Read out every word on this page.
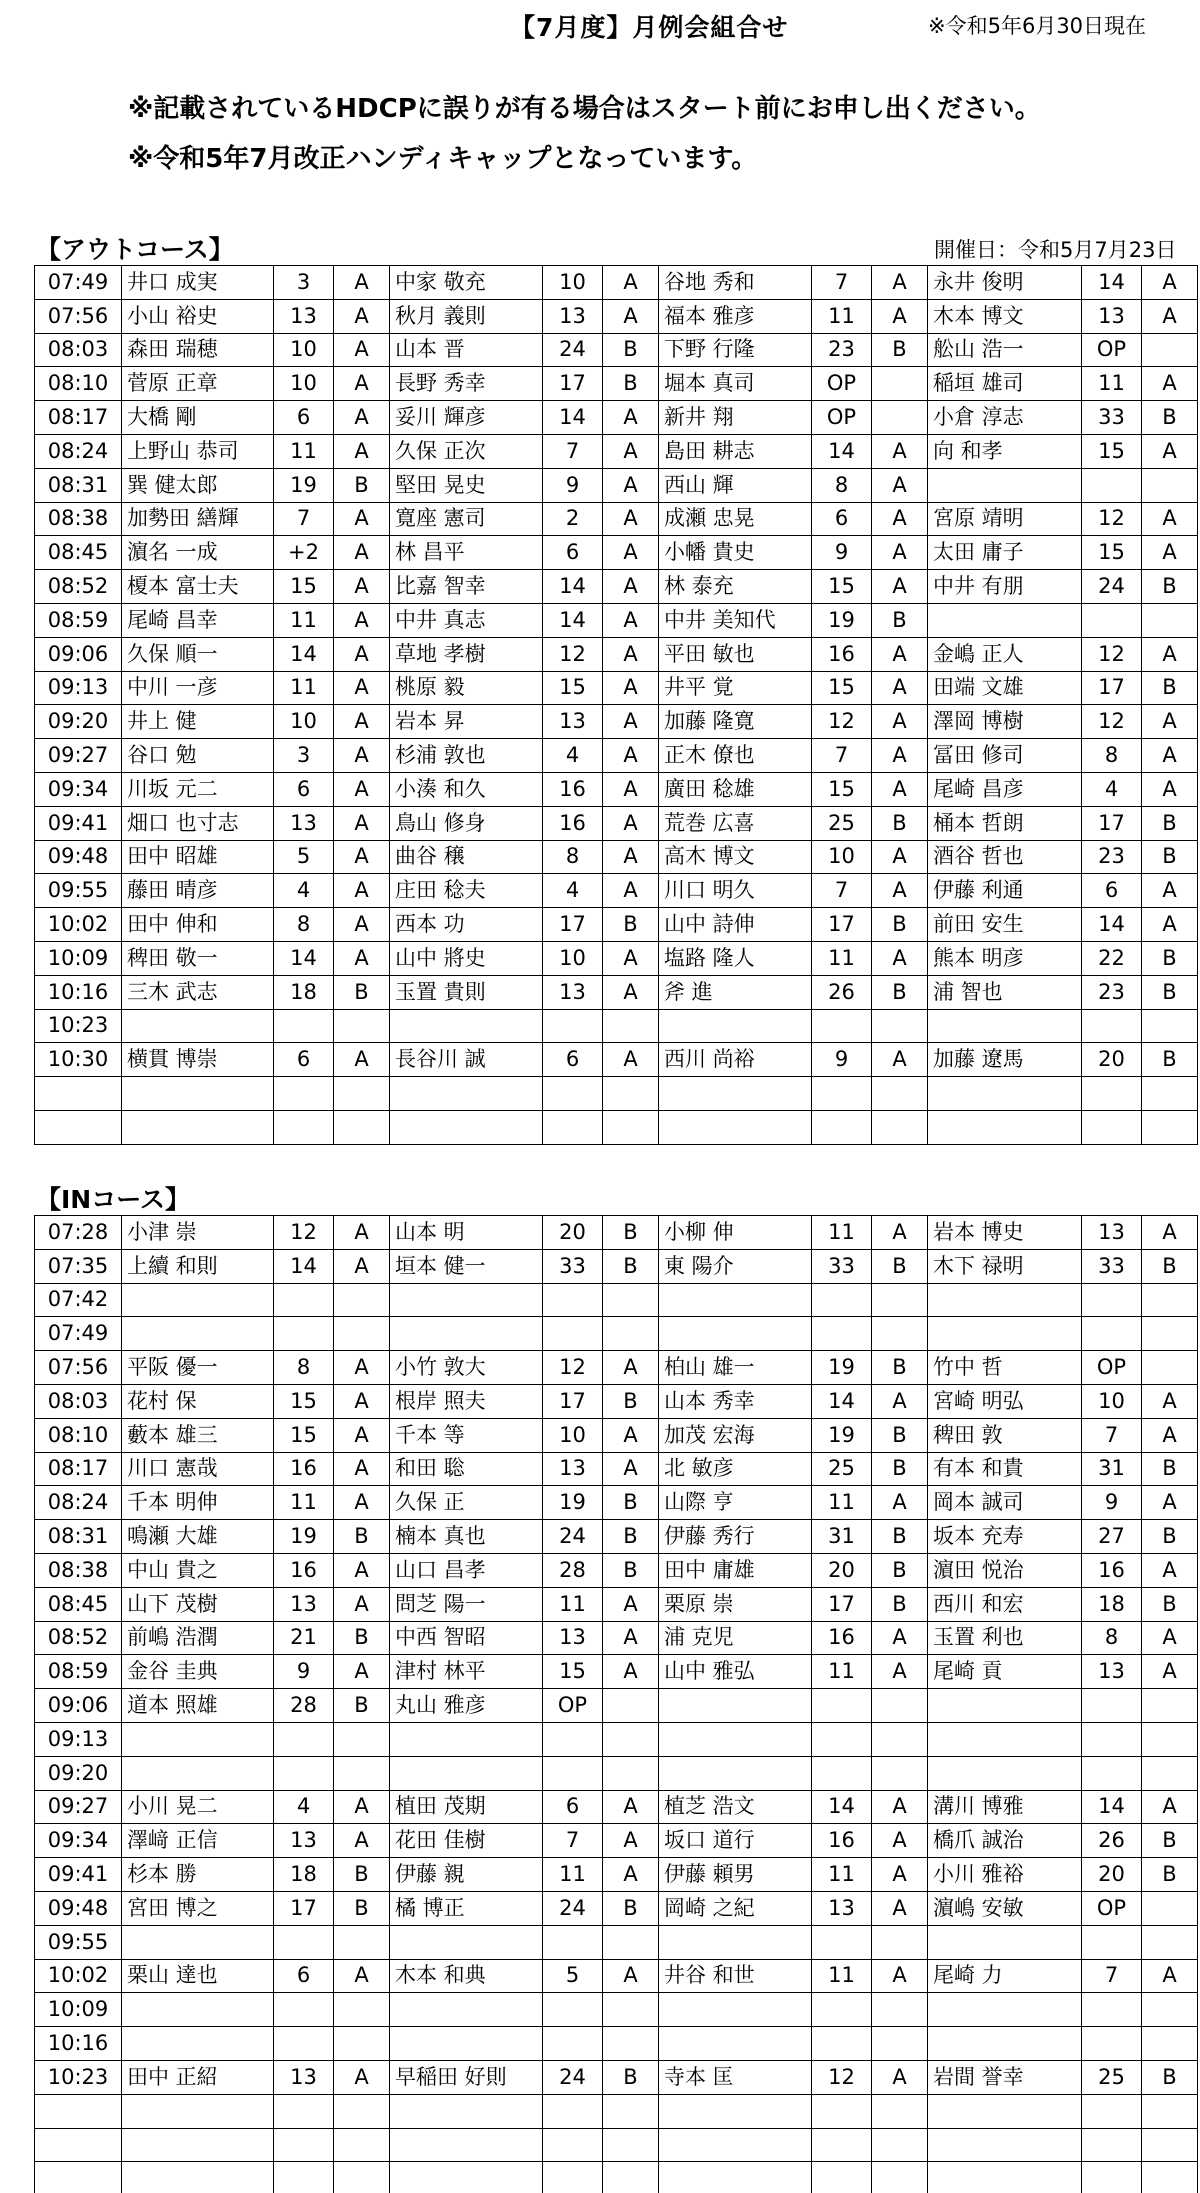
【7月度】月例会組合せ	※令和5年6月30日現在
※記載されているHDCPに誤りが有る場合はスタート前にお申し出ください。
※令和5年7月改正ハンディキャップとなっています。
【アウトコース】	開催日：令和5月7月23日
07:49	井口 成実	3	A	中家 敬充	10	A	谷地 秀和	7	A	永井 俊明	14	A
07:56	小山 裕史	13	A	秋月 義則	13	A	福本 雅彦	11	A	木本 博文	13	A
08:03	森田 瑞穂	10	A	山本 晋	24	B	下野 行隆	23	B	舩山 浩一	OP	
08:10	菅原 正章	10	A	長野 秀幸	17	B	堀本 真司	OP		稲垣 雄司	11	A
08:17	大橋 剛	6	A	妥川 輝彦	14	A	新井 翔	OP		小倉 淳志	33	B
08:24	上野山 恭司	11	A	久保 正次	7	A	島田 耕志	14	A	向 和孝	15	A
08:31	巽 健太郎	19	B	堅田 晃史	9	A	西山 輝	8	A			
08:38	加勢田 繕輝	7	A	寛座 憲司	2	A	成瀬 忠晃	6	A	宮原 靖明	12	A
08:45	濵名 一成	+2	A	林 昌平	6	A	小幡 貴史	9	A	太田 庸子	15	A
08:52	榎本 富士夫	15	A	比嘉 智幸	14	A	林 泰充	15	A	中井 有朋	24	B
08:59	尾崎 昌幸	11	A	中井 真志	14	A	中井 美知代	19	B			
09:06	久保 順一	14	A	草地 孝樹	12	A	平田 敏也	16	A	金嶋 正人	12	A
09:13	中川 一彦	11	A	桃原 毅	15	A	井平 覚	15	A	田端 文雄	17	B
09:20	井上 健	10	A	岩本 昇	13	A	加藤 隆寛	12	A	澤岡 博樹	12	A
09:27	谷口 勉	3	A	杉浦 敦也	4	A	正木 僚也	7	A	冨田 修司	8	A
09:34	川坂 元二	6	A	小湊 和久	16	A	廣田 稔雄	15	A	尾崎 昌彦	4	A
09:41	畑口 也寸志	13	A	鳥山 修身	16	A	荒巻 広喜	25	B	桶本 哲朗	17	B
09:48	田中 昭雄	5	A	曲谷 穣	8	A	高木 博文	10	A	酒谷 哲也	23	B
09:55	藤田 晴彦	4	A	庄田 稔夫	4	A	川口 明久	7	A	伊藤 利通	6	A
10:02	田中 伸和	8	A	西本 功	17	B	山中 詩伸	17	B	前田 安生	14	A
10:09	稗田 敬一	14	A	山中 將史	10	A	塩路 隆人	11	A	熊本 明彦	22	B
10:16	三木 武志	18	B	玉置 貴則	13	A	斧 進	26	B	浦 智也	23	B
10:23												
10:30	横貫 博崇	6	A	長谷川 誠	6	A	西川 尚裕	9	A	加藤 遼馬	20	B

【INコース】
07:28	小津 崇	12	A	山本 明	20	B	小柳 伸	11	A	岩本 博史	13	A
07:35	上續 和則	14	A	垣本 健一	33	B	東 陽介	33	B	木下 禄明	33	B
07:42												
07:49												
07:56	平阪 優一	8	A	小竹 敦大	12	A	柏山 雄一	19	B	竹中 哲	OP	
08:03	花村 保	15	A	根岸 照夫	17	B	山本 秀幸	14	A	宮崎 明弘	10	A
08:10	藪本 雄三	15	A	千本 等	10	A	加茂 宏海	19	B	稗田 敦	7	A
08:17	川口 憲哉	16	A	和田 聡	13	A	北 敏彦	25	B	有本 和貴	31	B
08:24	千本 明伸	11	A	久保 正	19	B	山際 亨	11	A	岡本 誠司	9	A
08:31	鳴瀬 大雄	19	B	楠本 真也	24	B	伊藤 秀行	31	B	坂本 充寿	27	B
08:38	中山 貴之	16	A	山口 昌孝	28	B	田中 庸雄	20	B	濵田 悦治	16	A
08:45	山下 茂樹	13	A	問芝 陽一	11	A	栗原 崇	17	B	西川 和宏	18	B
08:52	前嶋 浩潤	21	B	中西 智昭	13	A	浦 克児	16	A	玉置 利也	8	A
08:59	金谷 圭典	9	A	津村 林平	15	A	山中 雅弘	11	A	尾崎 貢	13	A
09:06	道本 照雄	28	B	丸山 雅彦	OP							
09:13												
09:20												
09:27	小川 晃二	4	A	植田 茂期	6	A	植芝 浩文	14	A	溝川 博雅	14	A
09:34	澤﨑 正信	13	A	花田 佳樹	7	A	坂口 道行	16	A	橋爪 誠治	26	B
09:41	杉本 勝	18	B	伊藤 親	11	A	伊藤 頼男	11	A	小川 雅裕	20	B
09:48	宮田 博之	17	B	橘 博正	24	B	岡崎 之紀	13	A	濵嶋 安敏	OP	
09:55												
10:02	栗山 達也	6	A	木本 和典	5	A	井谷 和世	11	A	尾崎 力	7	A
10:09												
10:16												
10:23	田中 正紹	13	A	早稲田 好則	24	B	寺本 匡	12	A	岩間 誉幸	25	B
